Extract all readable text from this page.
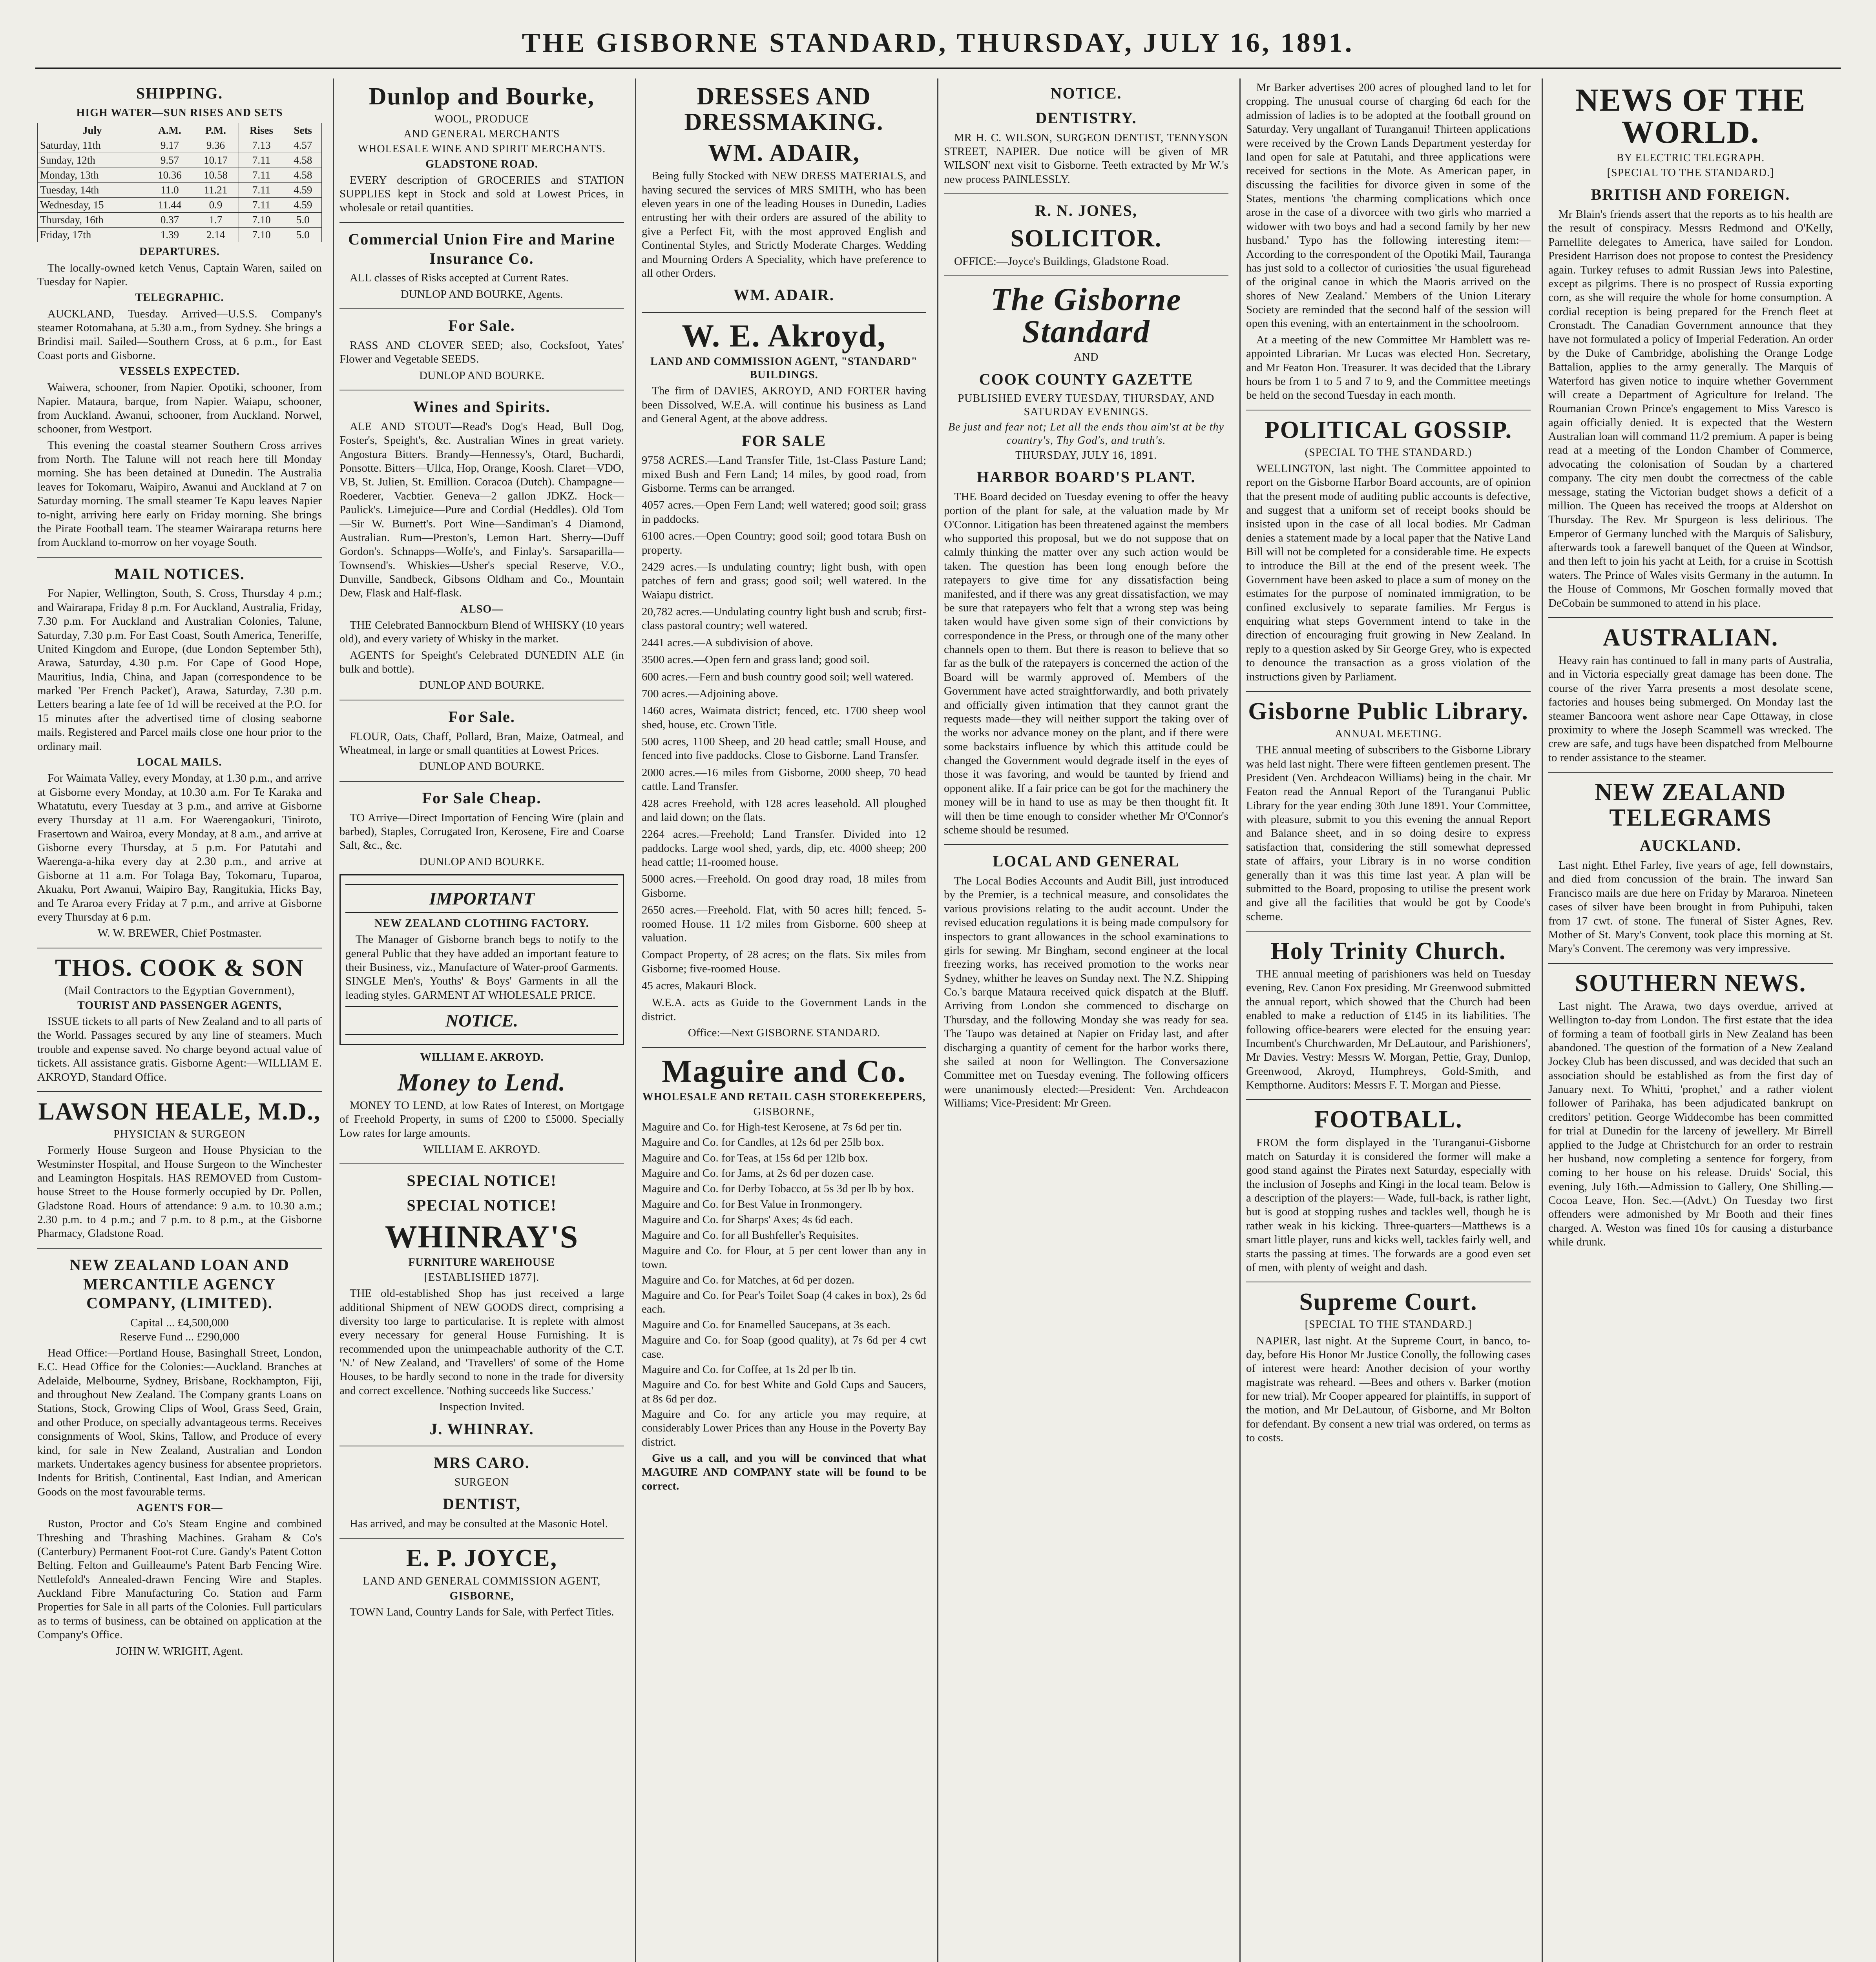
THE GISBORNE STANDARD, THURSDAY, JULY 16, 1891.
SHIPPING.
HIGH WATER—SUN RISES AND SETS
July	A.M.	P.M.	Rises	Sets
Saturday, 11th	9.17	9.36	7.13	4.57
Sunday, 12th	9.57	10.17	7.11	4.58
Monday, 13th	10.36	10.58	7.11	4.58
Tuesday, 14th	11.0	11.21	7.11	4.59
Wednesday, 15	11.44	0.9	7.11	4.59
Thursday, 16th	0.37	1.7	7.10	5.0
Friday, 17th	1.39	2.14	7.10	5.0
DEPARTURES.

The locally-owned ketch Venus, Captain Waren, sailed on Tuesday for Napier.

TELEGRAPHIC.

AUCKLAND, Tuesday. Arrived—U.S.S. Company's steamer Rotomahana, at 5.30 a.m., from Sydney. She brings a Brindisi mail. Sailed—Southern Cross, at 6 p.m., for East Coast ports and Gisborne.

VESSELS EXPECTED.

Waiwera, schooner, from Napier. Opotiki, schooner, from Napier. Mataura, barque, from Napier. Waiapu, schooner, from Auckland. Awanui, schooner, from Auckland. Norwel, schooner, from Westport.

This evening the coastal steamer Southern Cross arrives from North. The Talune will not reach here till Monday morning. She has been detained at Dunedin. The Australia leaves for Tokomaru, Waipiro, Awanui and Auckland at 7 on Saturday morning. The small steamer Te Kapu leaves Napier to-night, arriving here early on Friday morning. She brings the Pirate Football team. The steamer Wairarapa returns here from Auckland to-morrow on her voyage South.

MAIL NOTICES.

For Napier, Wellington, South, S. Cross, Thursday 4 p.m.; and Wairarapa, Friday 8 p.m. For Auckland, Australia, Friday, 7.30 p.m. For Auckland and Australian Colonies, Talune, Saturday, 7.30 p.m. For East Coast, South America, Teneriffe, United Kingdom and Europe, (due London September 5th), Arawa, Saturday, 4.30 p.m. For Cape of Good Hope, Mauritius, India, China, and Japan (correspondence to be marked 'Per French Packet'), Arawa, Saturday, 7.30 p.m. Letters bearing a late fee of 1d will be received at the P.O. for 15 minutes after the advertised time of closing seaborne mails. Registered and Parcel mails close one hour prior to the ordinary mail.

LOCAL MAILS.

For Waimata Valley, every Monday, at 1.30 p.m., and arrive at Gisborne every Monday, at 10.30 a.m. For Te Karaka and Whatatutu, every Tuesday at 3 p.m., and arrive at Gisborne every Thursday at 11 a.m. For Waerengaokuri, Tiniroto, Frasertown and Wairoa, every Monday, at 8 a.m., and arrive at Gisborne every Thursday, at 5 p.m. For Patutahi and Waerenga-a-hika every day at 2.30 p.m., and arrive at Gisborne at 11 a.m. For Tolaga Bay, Tokomaru, Tuparoa, Akuaku, Port Awanui, Waipiro Bay, Rangitukia, Hicks Bay, and Te Araroa every Friday at 7 p.m., and arrive at Gisborne every Thursday at 6 p.m.

W. W. BREWER, Chief Postmaster.
THOS. COOK & SON
(Mail Contractors to the Egyptian Government),
TOURIST AND PASSENGER AGENTS,

ISSUE tickets to all parts of New Zealand and to all parts of the World. Passages secured by any line of steamers. Much trouble and expense saved. No charge beyond actual value of tickets. All assistance gratis. Gisborne Agent:—WILLIAM E. AKROYD, Standard Office.

LAWSON HEALE, M.D.,
PHYSICIAN & SURGEON

Formerly House Surgeon and House Physician to the Westminster Hospital, and House Surgeon to the Winchester and Leamington Hospitals. HAS REMOVED from Custom-house Street to the House formerly occupied by Dr. Pollen, Gladstone Road. Hours of attendance: 9 a.m. to 10.30 a.m.; 2.30 p.m. to 4 p.m.; and 7 p.m. to 8 p.m., at the Gisborne Pharmacy, Gladstone Road.

NEW ZEALAND LOAN AND MERCANTILE AGENCY COMPANY, (LIMITED).
Capital ... £4,500,000
Reserve Fund ... £290,000

Head Office:—Portland House, Basinghall Street, London, E.C. Head Office for the Colonies:—Auckland. Branches at Adelaide, Melbourne, Sydney, Brisbane, Rockhampton, Fiji, and throughout New Zealand. The Company grants Loans on Stations, Stock, Growing Clips of Wool, Grass Seed, Grain, and other Produce, on specially advantageous terms. Receives consignments of Wool, Skins, Tallow, and Produce of every kind, for sale in New Zealand, Australian and London markets. Undertakes agency business for absentee proprietors. Indents for British, Continental, East Indian, and American Goods on the most favourable terms.

AGENTS FOR—

Ruston, Proctor and Co's Steam Engine and combined Threshing and Thrashing Machines. Graham & Co's (Canterbury) Permanent Foot-rot Cure. Gandy's Patent Cotton Belting. Felton and Guilleaume's Patent Barb Fencing Wire. Nettlefold's Annealed-drawn Fencing Wire and Staples. Auckland Fibre Manufacturing Co. Station and Farm Properties for Sale in all parts of the Colonies. Full particulars as to terms of business, can be obtained on application at the Company's Office.

JOHN W. WRIGHT, Agent.
Dunlop and Bourke,
WOOL, PRODUCE
AND GENERAL MERCHANTS
WHOLESALE WINE AND SPIRIT MERCHANTS.
GLADSTONE ROAD.

EVERY description of GROCERIES and STATION SUPPLIES kept in Stock and sold at Lowest Prices, in wholesale or retail quantities.

Commercial Union Fire and Marine Insurance Co.

ALL classes of Risks accepted at Current Rates.

DUNLOP AND BOURKE, Agents.
For Sale.

RASS AND CLOVER SEED; also, Cocksfoot, Yates' Flower and Vegetable SEEDS.

DUNLOP AND BOURKE.
Wines and Spirits.

ALE AND STOUT—Read's Dog's Head, Bull Dog, Foster's, Speight's, &c. Australian Wines in great variety. Angostura Bitters. Brandy—Hennessy's, Otard, Buchardi, Ponsotte. Bitters—Ullca, Hop, Orange, Koosh. Claret—VDO, VB, St. Julien, St. Emillion. Coracoa (Dutch). Champagne—Roederer, Vacbtier. Geneva—2 gallon JDKZ. Hock—Paulick's. Limejuice—Pure and Cordial (Heddles). Old Tom—Sir W. Burnett's. Port Wine—Sandiman's 4 Diamond, Australian. Rum—Preston's, Lemon Hart. Sherry—Duff Gordon's. Schnapps—Wolfe's, and Finlay's. Sarsaparilla—Townsend's. Whiskies—Usher's special Reserve, V.O., Dunville, Sandbeck, Gibsons Oldham and Co., Mountain Dew, Flask and Half-flask.

ALSO—

THE Celebrated Bannockburn Blend of WHISKY (10 years old), and every variety of Whisky in the market.

AGENTS for Speight's Celebrated DUNEDIN ALE (in bulk and bottle).

DUNLOP AND BOURKE.
For Sale.

FLOUR, Oats, Chaff, Pollard, Bran, Maize, Oatmeal, and Wheatmeal, in large or small quantities at Lowest Prices.

DUNLOP AND BOURKE.
For Sale Cheap.

TO Arrive—Direct Importation of Fencing Wire (plain and barbed), Staples, Corrugated Iron, Kerosene, Fire and Coarse Salt, &c., &c.

DUNLOP AND BOURKE.
IMPORTANT
NEW ZEALAND CLOTHING FACTORY.

The Manager of Gisborne branch begs to notify to the general Public that they have added an important feature to their Business, viz., Manufacture of Water-proof Garments. SINGLE Men's, Youths' & Boys' Garments in all the leading styles. GARMENT AT WHOLESALE PRICE.

NOTICE.
WILLIAM E. AKROYD.
Money to Lend.

MONEY TO LEND, at low Rates of Interest, on Mortgage of Freehold Property, in sums of £200 to £5000. Specially Low rates for large amounts.

WILLIAM E. AKROYD.
SPECIAL NOTICE!
SPECIAL NOTICE!
WHINRAY'S
FURNITURE WAREHOUSE
[ESTABLISHED 1877].

THE old-established Shop has just received a large additional Shipment of NEW GOODS direct, comprising a diversity too large to particularise. It is replete with almost every necessary for general House Furnishing. It is recommended upon the unimpeachable authority of the C.T. 'N.' of New Zealand, and 'Travellers' of some of the Home Houses, to be hardly second to none in the trade for diversity and correct excellence. 'Nothing succeeds like Success.'

Inspection Invited.
J. WHINRAY.
MRS CARO.
SURGEON
DENTIST,

Has arrived, and may be consulted at the Masonic Hotel.

E. P. JOYCE,
LAND AND GENERAL COMMISSION AGENT,
GISBORNE,

TOWN Land, Country Lands for Sale, with Perfect Titles.

DRESSES AND DRESSMAKING.
WM. ADAIR,

Being fully Stocked with NEW DRESS MATERIALS, and having secured the services of MRS SMITH, who has been eleven years in one of the leading Houses in Dunedin, Ladies entrusting her with their orders are assured of the ability to give a Perfect Fit, with the most approved English and Continental Styles, and Strictly Moderate Charges. Wedding and Mourning Orders A Speciality, which have preference to all other Orders.

WM. ADAIR.
W. E. Akroyd,
LAND AND COMMISSION AGENT, "STANDARD" BUILDINGS.

The firm of DAVIES, AKROYD, AND FORTER having been Dissolved, W.E.A. will continue his business as Land and General Agent, at the above address.

FOR SALE
9758 ACRES.—Land Transfer Title, 1st-Class Pasture Land; mixed Bush and Fern Land; 14 miles, by good road, from Gisborne. Terms can be arranged.
4057 acres.—Open Fern Land; well watered; good soil; grass in paddocks.
6100 acres.—Open Country; good soil; good totara Bush on property.
2429 acres.—Is undulating country; light bush, with open patches of fern and grass; good soil; well watered. In the Waiapu district.
20,782 acres.—Undulating country light bush and scrub; first-class pastoral country; well watered.
2441 acres.—A subdivision of above.
3500 acres.—Open fern and grass land; good soil.
600 acres.—Fern and bush country good soil; well watered.
700 acres.—Adjoining above.
1460 acres, Waimata district; fenced, etc. 1700 sheep wool shed, house, etc. Crown Title.
500 acres, 1100 Sheep, and 20 head cattle; small House, and fenced into five paddocks. Close to Gisborne. Land Transfer.
2000 acres.—16 miles from Gisborne, 2000 sheep, 70 head cattle. Land Transfer.
428 acres Freehold, with 128 acres leasehold. All ploughed and laid down; on the flats.
2264 acres.—Freehold; Land Transfer. Divided into 12 paddocks. Large wool shed, yards, dip, etc. 4000 sheep; 200 head cattle; 11-roomed house.
5000 acres.—Freehold. On good dray road, 18 miles from Gisborne.
2650 acres.—Freehold. Flat, with 50 acres hill; fenced. 5-roomed House. 11 1/2 miles from Gisborne. 600 sheep at valuation.
Compact Property, of 28 acres; on the flats. Six miles from Gisborne; five-roomed House.
45 acres, Makauri Block.

W.E.A. acts as Guide to the Government Lands in the district.

Office:—Next GISBORNE STANDARD.
Maguire and Co.
WHOLESALE AND RETAIL CASH STOREKEEPERS,
GISBORNE,
Maguire and Co. for High-test Kerosene, at 7s 6d per tin.
Maguire and Co. for Candles, at 12s 6d per 25lb box.
Maguire and Co. for Teas, at 15s 6d per 12lb box.
Maguire and Co. for Jams, at 2s 6d per dozen case.
Maguire and Co. for Derby Tobacco, at 5s 3d per lb by box.
Maguire and Co. for Best Value in Ironmongery.
Maguire and Co. for Sharps' Axes; 4s 6d each.
Maguire and Co. for all Bushfeller's Requisites.
Maguire and Co. for Flour, at 5 per cent lower than any in town.
Maguire and Co. for Matches, at 6d per dozen.
Maguire and Co. for Pear's Toilet Soap (4 cakes in box), 2s 6d each.
Maguire and Co. for Enamelled Saucepans, at 3s each.
Maguire and Co. for Soap (good quality), at 7s 6d per 4 cwt case.
Maguire and Co. for Coffee, at 1s 2d per lb tin.
Maguire and Co. for best White and Gold Cups and Saucers, at 8s 6d per doz.
Maguire and Co. for any article you may require, at considerably Lower Prices than any House in the Poverty Bay district.

Give us a call, and you will be convinced that what MAGUIRE AND COMPANY state will be found to be correct.

NOTICE.
DENTISTRY.

MR H. C. WILSON, SURGEON DENTIST, TENNYSON STREET, NAPIER. Due notice will be given of MR WILSON' next visit to Gisborne. Teeth extracted by Mr W.'s new process PAINLESSLY.

R. N. JONES,
SOLICITOR.

OFFICE:—Joyce's Buildings, Gladstone Road.

The Gisborne Standard
AND
COOK COUNTY GAZETTE
PUBLISHED EVERY TUESDAY, THURSDAY, AND SATURDAY EVENINGS.
Be just and fear not; Let all the ends thou aim'st at be thy country's, Thy God's, and truth's.
THURSDAY, JULY 16, 1891.
HARBOR BOARD'S PLANT.

THE Board decided on Tuesday evening to offer the heavy portion of the plant for sale, at the valuation made by Mr O'Connor. Litigation has been threatened against the members who supported this proposal, but we do not suppose that on calmly thinking the matter over any such action would be taken. The question has been long enough before the ratepayers to give time for any dissatisfaction being manifested, and if there was any great dissatisfaction, we may be sure that ratepayers who felt that a wrong step was being taken would have given some sign of their convictions by correspondence in the Press, or through one of the many other channels open to them. But there is reason to believe that so far as the bulk of the ratepayers is concerned the action of the Board will be warmly approved of. Members of the Government have acted straightforwardly, and both privately and officially given intimation that they cannot grant the requests made—they will neither support the taking over of the works nor advance money on the plant, and if there were some backstairs influence by which this attitude could be changed the Government would degrade itself in the eyes of those it was favoring, and would be taunted by friend and opponent alike. If a fair price can be got for the machinery the money will be in hand to use as may be then thought fit. It will then be time enough to consider whether Mr O'Connor's scheme should be resumed.

LOCAL AND GENERAL

The Local Bodies Accounts and Audit Bill, just introduced by the Premier, is a technical measure, and consolidates the various provisions relating to the audit account. Under the revised education regulations it is being made compulsory for inspectors to grant allowances in the school examinations to girls for sewing. Mr Bingham, second engineer at the local freezing works, has received promotion to the works near Sydney, whither he leaves on Sunday next. The N.Z. Shipping Co.'s barque Mataura received quick dispatch at the Bluff. Arriving from London she commenced to discharge on Thursday, and the following Monday she was ready for sea. The Taupo was detained at Napier on Friday last, and after discharging a quantity of cement for the harbor works there, she sailed at noon for Wellington. The Conversazione Committee met on Tuesday evening. The following officers were unanimously elected:—President: Ven. Archdeacon Williams; Vice-President: Mr Green.

Mr Barker advertises 200 acres of ploughed land to let for cropping. The unusual course of charging 6d each for the admission of ladies is to be adopted at the football ground on Saturday. Very ungallant of Turanganui! Thirteen applications were received by the Crown Lands Department yesterday for land open for sale at Patutahi, and three applications were received for sections in the Mote. As American paper, in discussing the facilities for divorce given in some of the States, mentions 'the charming complications which once arose in the case of a divorcee with two girls who married a widower with two boys and had a second family by her new husband.' Typo has the following interesting item:—According to the correspondent of the Opotiki Mail, Tauranga has just sold to a collector of curiosities 'the usual figurehead of the original canoe in which the Maoris arrived on the shores of New Zealand.' Members of the Union Literary Society are reminded that the second half of the session will open this evening, with an entertainment in the schoolroom.

At a meeting of the new Committee Mr Hamblett was re-appointed Librarian. Mr Lucas was elected Hon. Secretary, and Mr Featon Hon. Treasurer. It was decided that the Library hours be from 1 to 5 and 7 to 9, and the Committee meetings be held on the second Tuesday in each month.

POLITICAL GOSSIP.
(SPECIAL TO THE STANDARD.)

WELLINGTON, last night. The Committee appointed to report on the Gisborne Harbor Board accounts, are of opinion that the present mode of auditing public accounts is defective, and suggest that a uniform set of receipt books should be insisted upon in the case of all local bodies. Mr Cadman denies a statement made by a local paper that the Native Land Bill will not be completed for a considerable time. He expects to introduce the Bill at the end of the present week. The Government have been asked to place a sum of money on the estimates for the purpose of nominated immigration, to be confined exclusively to separate families. Mr Fergus is enquiring what steps Government intend to take in the direction of encouraging fruit growing in New Zealand. In reply to a question asked by Sir George Grey, who is expected to denounce the transaction as a gross violation of the instructions given by Parliament.

Gisborne Public Library.
ANNUAL MEETING.

THE annual meeting of subscribers to the Gisborne Library was held last night. There were fifteen gentlemen present. The President (Ven. Archdeacon Williams) being in the chair. Mr Featon read the Annual Report of the Turanganui Public Library for the year ending 30th June 1891. Your Committee, with pleasure, submit to you this evening the annual Report and Balance sheet, and in so doing desire to express satisfaction that, considering the still somewhat depressed state of affairs, your Library is in no worse condition generally than it was this time last year. A plan will be submitted to the Board, proposing to utilise the present work and give all the facilities that would be got by Coode's scheme.

Holy Trinity Church.

THE annual meeting of parishioners was held on Tuesday evening, Rev. Canon Fox presiding. Mr Greenwood submitted the annual report, which showed that the Church had been enabled to make a reduction of £145 in its liabilities. The following office-bearers were elected for the ensuing year: Incumbent's Churchwarden, Mr DeLautour, and Parishioners', Mr Davies. Vestry: Messrs W. Morgan, Pettie, Gray, Dunlop, Greenwood, Akroyd, Humphreys, Gold-Smith, and Kempthorne. Auditors: Messrs F. T. Morgan and Piesse.

FOOTBALL.

FROM the form displayed in the Turanganui-Gisborne match on Saturday it is considered the former will make a good stand against the Pirates next Saturday, especially with the inclusion of Josephs and Kingi in the local team. Below is a description of the players:— Wade, full-back, is rather light, but is good at stopping rushes and tackles well, though he is rather weak in his kicking. Three-quarters—Matthews is a smart little player, runs and kicks well, tackles fairly well, and starts the passing at times. The forwards are a good even set of men, with plenty of weight and dash.

Supreme Court.
[SPECIAL TO THE STANDARD.]

NAPIER, last night. At the Supreme Court, in banco, to-day, before His Honor Mr Justice Conolly, the following cases of interest were heard: Another decision of your worthy magistrate was reheard. —Bees and others v. Barker (motion for new trial). Mr Cooper appeared for plaintiffs, in support of the motion, and Mr DeLautour, of Gisborne, and Mr Bolton for defendant. By consent a new trial was ordered, on terms as to costs.

NEWS OF THE WORLD.
BY ELECTRIC TELEGRAPH.
[SPECIAL TO THE STANDARD.]
BRITISH AND FOREIGN.

Mr Blain's friends assert that the reports as to his health are the result of conspiracy. Messrs Redmond and O'Kelly, Parnellite delegates to America, have sailed for London. President Harrison does not propose to contest the Presidency again. Turkey refuses to admit Russian Jews into Palestine, except as pilgrims. There is no prospect of Russia exporting corn, as she will require the whole for home consumption. A cordial reception is being prepared for the French fleet at Cronstadt. The Canadian Government announce that they have not formulated a policy of Imperial Federation. An order by the Duke of Cambridge, abolishing the Orange Lodge Battalion, applies to the army generally. The Marquis of Waterford has given notice to inquire whether Government will create a Department of Agriculture for Ireland. The Roumanian Crown Prince's engagement to Miss Varesco is again officially denied. It is expected that the Western Australian loan will command 11/2 premium. A paper is being read at a meeting of the London Chamber of Commerce, advocating the colonisation of Soudan by a chartered company. The city men doubt the correctness of the cable message, stating the Victorian budget shows a deficit of a million. The Queen has received the troops at Aldershot on Thursday. The Rev. Mr Spurgeon is less delirious. The Emperor of Germany lunched with the Marquis of Salisbury, afterwards took a farewell banquet of the Queen at Windsor, and then left to join his yacht at Leith, for a cruise in Scottish waters. The Prince of Wales visits Germany in the autumn. In the House of Commons, Mr Goschen formally moved that DeCobain be summoned to attend in his place.

AUSTRALIAN.

Heavy rain has continued to fall in many parts of Australia, and in Victoria especially great damage has been done. The course of the river Yarra presents a most desolate scene, factories and houses being submerged. On Monday last the steamer Bancoora went ashore near Cape Ottaway, in close proximity to where the Joseph Scammell was wrecked. The crew are safe, and tugs have been dispatched from Melbourne to render assistance to the steamer.

NEW ZEALAND TELEGRAMS
AUCKLAND.

Last night. Ethel Farley, five years of age, fell downstairs, and died from concussion of the brain. The inward San Francisco mails are due here on Friday by Mararoa. Nineteen cases of silver have been brought in from Puhipuhi, taken from 17 cwt. of stone. The funeral of Sister Agnes, Rev. Mother of St. Mary's Convent, took place this morning at St. Mary's Convent. The ceremony was very impressive.

SOUTHERN NEWS.

Last night. The Arawa, two days overdue, arrived at Wellington to-day from London. The first estate that the idea of forming a team of football girls in New Zealand has been abandoned. The question of the formation of a New Zealand Jockey Club has been discussed, and was decided that such an association should be established as from the first day of January next. To Whitti, 'prophet,' and a rather violent follower of Parihaka, has been adjudicated bankrupt on creditors' petition. George Widdecombe has been committed for trial at Dunedin for the larceny of jewellery. Mr Birrell applied to the Judge at Christchurch for an order to restrain her husband, now completing a sentence for forgery, from coming to her house on his release. Druids' Social, this evening, July 16th.—Admission to Gallery, One Shilling.—Cocoa Leave, Hon. Sec.—(Advt.) On Tuesday two first offenders were admonished by Mr Booth and their fines charged. A. Weston was fined 10s for causing a disturbance while drunk.
